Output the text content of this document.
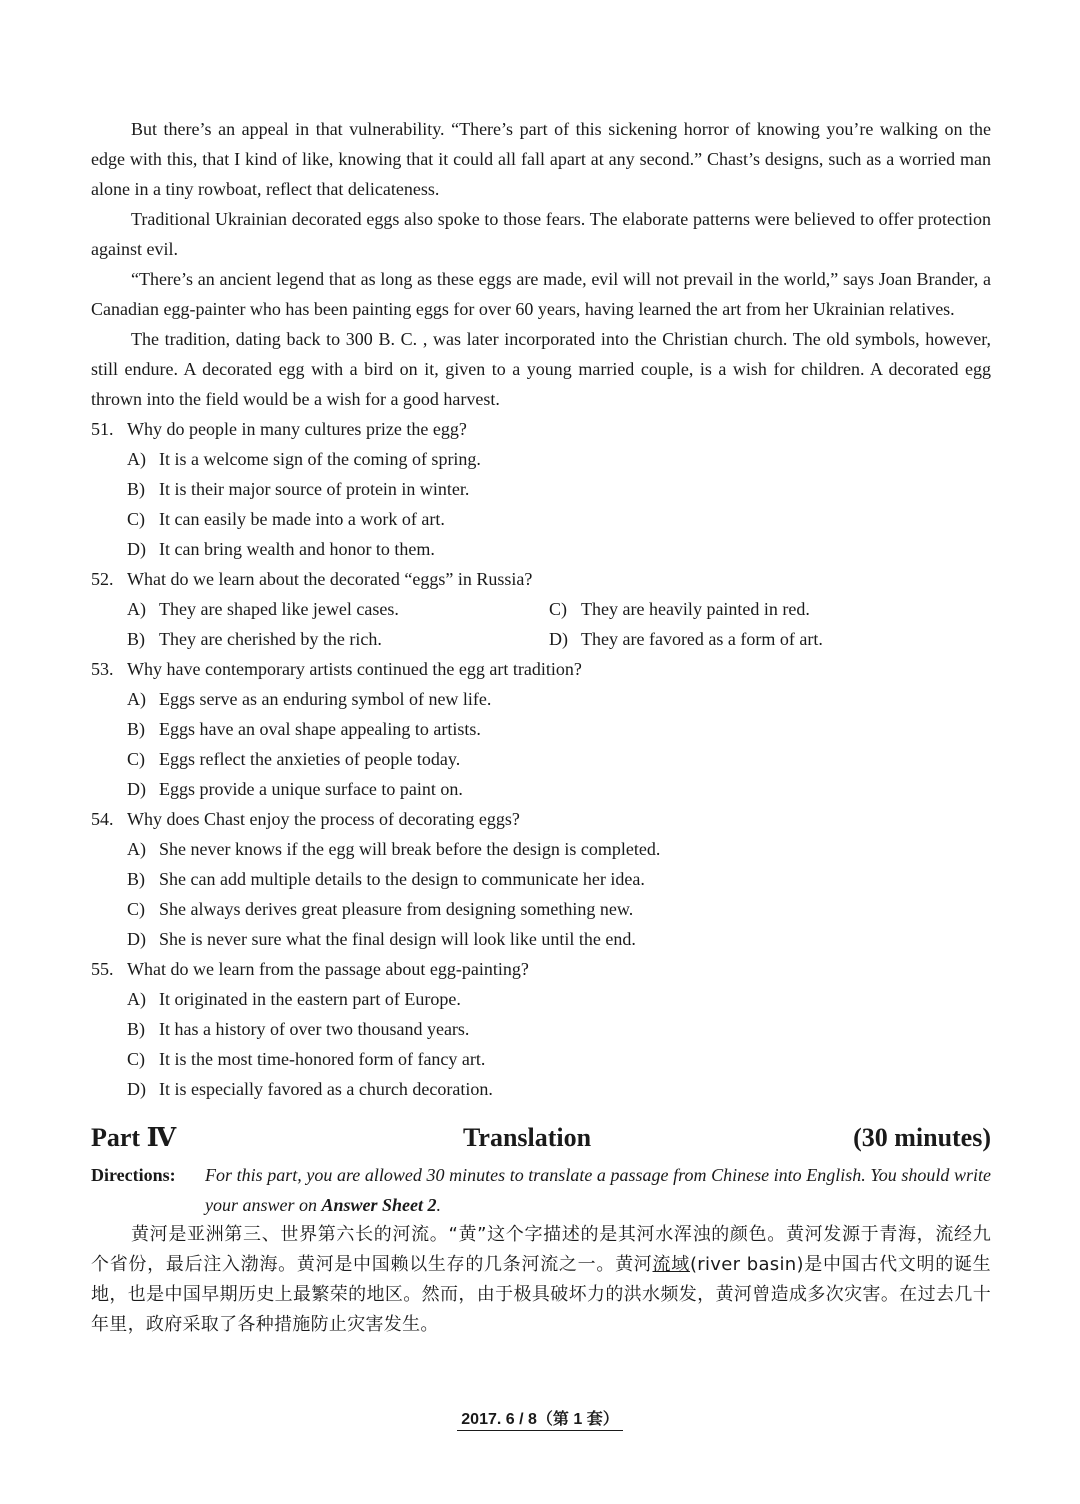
But there’s an appeal in that vulnerability. “There’s part of this sickening horror of knowing you’re walking on the edge with this, that I kind of like, knowing that it could all fall apart at any second.” Chast’s designs, such as a worried man alone in a tiny rowboat, reflect that delicateness.

Traditional Ukrainian decorated eggs also spoke to those fears. The elaborate patterns were believed to offer protection against evil.

“There’s an ancient legend that as long as these eggs are made, evil will not prevail in the world,” says Joan Brander, a Canadian egg-painter who has been painting eggs for over 60 years, having learned the art from her Ukrainian relatives.

The tradition, dating back to 300 B. C. , was later incorporated into the Christian church. The old symbols, however, still endure. A decorated egg with a bird on it, given to a young married couple, is a wish for children. A decorated egg thrown into the field would be a wish for a good harvest.

51. Why do people in many cultures prize the egg?
A) It is a welcome sign of the coming of spring.
B) It is their major source of protein in winter.
C) It can easily be made into a work of art.
D) It can bring wealth and honor to them.
52. What do we learn about the decorated “eggs” in Russia?
A) They are shaped like jewel cases.	C) They are heavily painted in red.
B) They are cherished by the rich.	D) They are favored as a form of art.
53. Why have contemporary artists continued the egg art tradition?
A) Eggs serve as an enduring symbol of new life.
B) Eggs have an oval shape appealing to artists.
C) Eggs reflect the anxieties of people today.
D) Eggs provide a unique surface to paint on.
54. Why does Chast enjoy the process of decorating eggs?
A) She never knows if the egg will break before the design is completed.
B) She can add multiple details to the design to communicate her idea.
C) She always derives great pleasure from designing something new.
D) She is never sure what the final design will look like until the end.
55. What do we learn from the passage about egg-painting?
A) It originated in the eastern part of Europe.
B) It has a history of over two thousand years.
C) It is the most time-honored form of fancy art.
D) It is especially favored as a church decoration.
Part Ⅳ	Translation	(30 minutes)
Directions:	For this part, you are allowed 30 minutes to translate a passage from Chinese into English. You should write your answer on Answer Sheet 2.

黄河是亚洲第三、世界第六长的河流。“黄”这个字描述的是其河水浑浊的颜色。黄河发源于青海，流经九个省份，最后注入渤海。黄河是中国赖以生存的几条河流之一。黄河流域(river basin)是中国古代文明的诞生地，也是中国早期历史上最繁荣的地区。然而，由于极具破坏力的洪水频发，黄河曾造成多次灾害。在过去几十年里，政府采取了各种措施防止灾害发生。

2017. 6 / 8（第 1 套）
